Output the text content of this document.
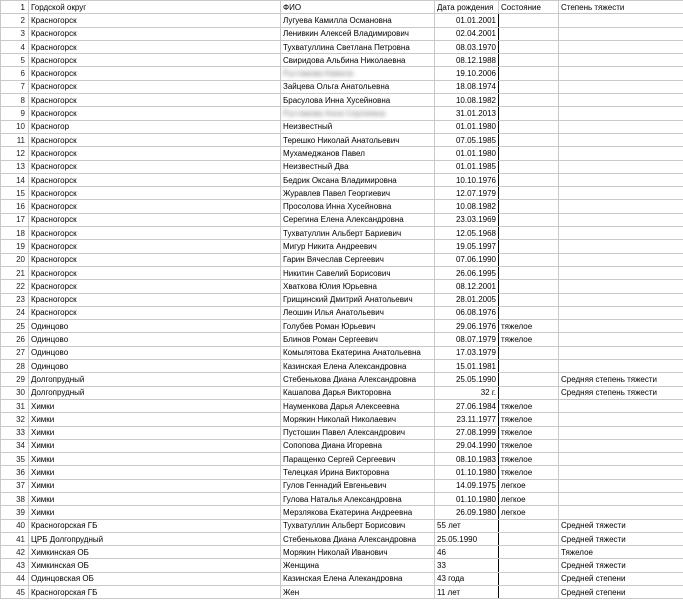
1	Гордской округ	ФИО	Дата рождения	Состояние	Степень тяжести
2	Красногорск	Лугуева Камилла Османовна	01.01.2001		
3	Красногорск	Ленивкин Алексей Владимирович	02.04.2001		
4	Красногорск	Тухватуллина Светлана Петровна	08.03.1970		
5	Красногорск	Свиридова Альбина Николаевна	08.12.1988		
6	Красногорск	Рустамова Камила	19.10.2006		
7	Красногорск	Зайцева Ольга Анатольевна	18.08.1974		
8	Красногорск	Брасулова Инна Хусейновна	10.08.1982		
9	Красногорск	Рустамова Анна Сергеевна	31.01.2013		
10	Красногор	Неизвестный	01.01.1980		
11	Красногорск	Терешко Николай Анатольевич	07.05.1985		
12	Красногорск	Мухамеджанов Павел	01.01.1980		
13	Красногорск	Неизвестный Два	01.01.1985		
14	Красногорск	Бедрик Оксана Владимировна	10.10.1976		
15	Красногорск	Журавлев Павел Георгиевич	12.07.1979		
16	Красногорск	Просолова Инна Хусейновна	10.08.1982		
17	Красногорск	Серегина Елена Александровна	23.03.1969		
18	Красногорск	Тухватуллин Альберт Бариевич	12.05.1968		
19	Красногорск	Мигур Никита Андреевич	19.05.1997		
20	Красногорск	Гарин Вячеслав Сергеевич	07.06.1990		
21	Красногорск	Никитин Савелий Борисович	26.06.1995		
22	Красногорск	Хваткова Юлия Юрьевна	08.12.2001		
23	Красногорск	Грищинский Дмитрий Анатольевич	28.01.2005		
24	Красногорск	Леошин Илья Анатольевич	06.08.1976		
25	Одинцово	Голубев Роман Юрьевич	29.06.1976	тяжелое	
26	Одинцово	Блинов Роман Сергеевич	08.07.1979	тяжелое	
27	Одинцово	Комылятова Екатерина Анатольевна	17.03.1979		
28	Одинцово	Казинская Елена Александровна	15.01.1981		
29	Долгопрудный	Стебенькова Диана Александровна	25.05.1990		Средняя степень тяжести
30	Долгопрудный	Кашапова Дарья Викторовна	32 г.		Средняя степень тяжести
31	Химки	Науменкова Дарья Алексеевна	27.06.1984	тяжелое	
32	Химки	Морякин Николай Николаевич	23.11.1977	тяжелое	
33	Химки	Пустошин Павел Александрович	27.08.1999	тяжелое	
34	Химки	Сопопова Диана Игоревна	29.04.1990	тяжелое	
35	Химки	Паращенко Сергей Сергеевич	08.10.1983	тяжелое	
36	Химки	Телецкая Ирина Викторовна	01.10.1980	тяжелое	
37	Химки	Гулов Геннадий Евгеньевич	14.09.1975	легкое	
38	Химки	Гулова Наталья Александровна	01.10.1980	легкое	
39	Химки	Мерзлякова Екатерина Андреевна	26.09.1980	легкое	
40	Красногорская ГБ	Тухватуллин Альберт Борисович	55 лет		Средней тяжести
41	ЦРБ Долгопрудный	Стебенькова Диана Александровна	25.05.1990		Средней тяжести
42	Химкинская ОБ	Морякин Николай Иванович	46		Тяжелое
43	Химкинская ОБ	Женщина	33		Средней тяжести
44	Одинцовская ОБ	Казинская Елена Алекандровна	43 года		Средней степени
45	Красногорская ГБ	Жен	11 лет		Средней степени
